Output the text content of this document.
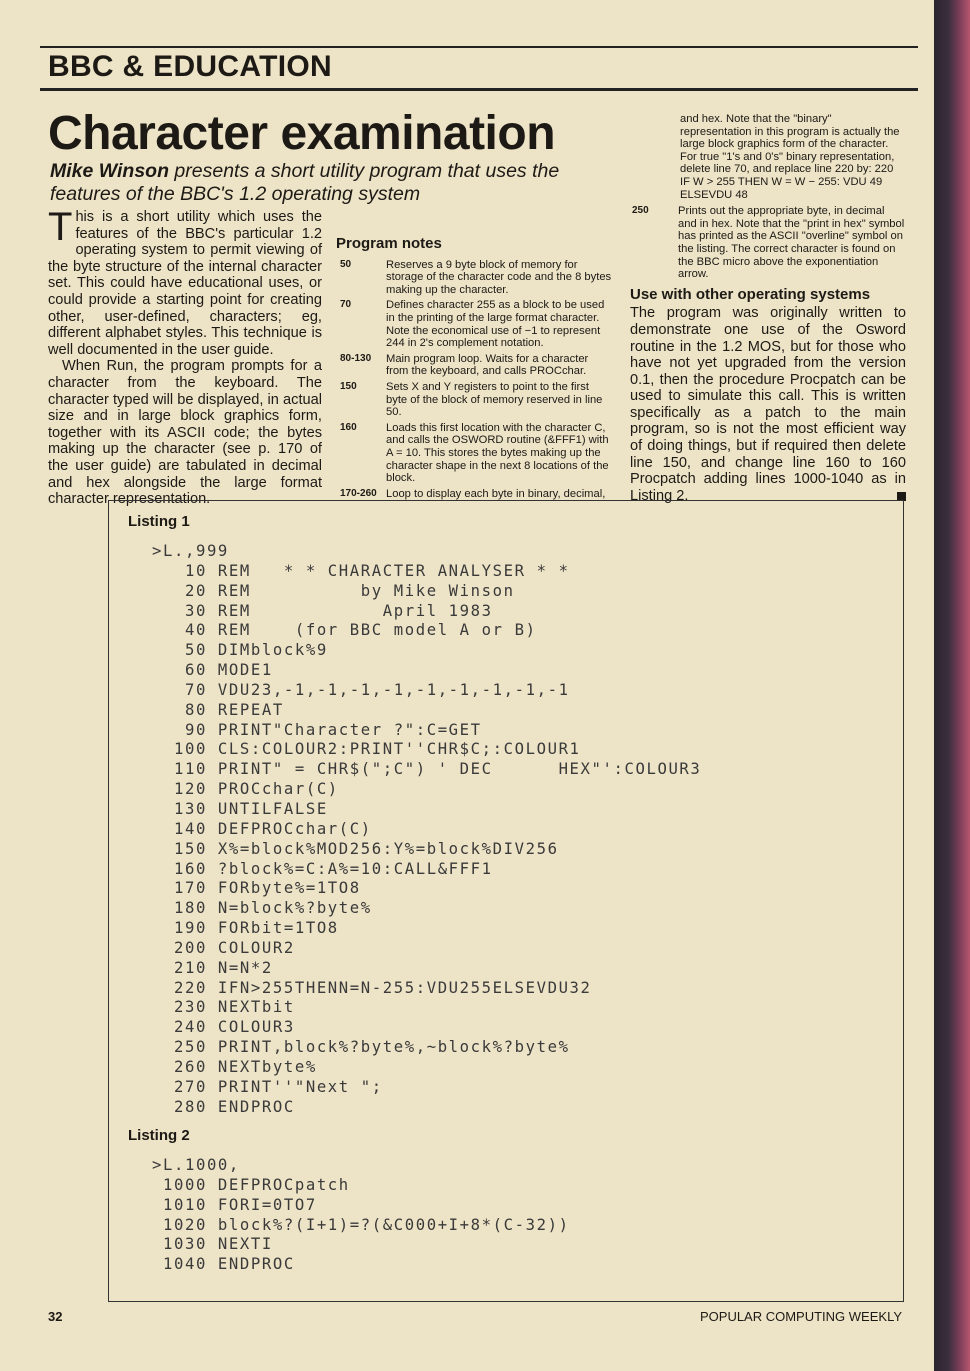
BBC & EDUCATION
Character examination
Mike Winson presents a short utility program that uses the features of the BBC's 1.2 operating system

This is a short utility which uses the features of the BBC's particular 1.2 operating system to permit viewing of the byte structure of the internal character set. This could have educational uses, or could provide a starting point for creating other, user-defined, characters; eg, different alphabet styles. This technique is well documented in the user guide.

When Run, the program prompts for a character from the keyboard. The character typed will be displayed, in actual size and in large block graphics form, together with its ASCII code; the bytes making up the character (see p. 170 of the user guide) are tabulated in decimal and hex alongside the large format character representation.

Program notes

50	Reserves a 9 byte block of memory for storage of the character code and the 8 bytes making up the character.
70	Defines character 255 as a block to be used in the printing of the large format character. Note the economical use of −1 to represent 244 in 2's complement notation.
80-130	Main program loop. Waits for a character from the keyboard, and calls PROCchar.
150	Sets X and Y registers to point to the first byte of the block of memory reserved in line 50.
160	Loads this first location with the character C, and calls the OSWORD routine (&FFF1) with A = 10. This stores the bytes making up the character shape in the next 8 locations of the block.
170-260 Loop to display each byte in binary, decimal,
and hex. Note that the "binary" representation in this program is actually the large block graphics form of the character. For true "1's and 0's" binary representation, delete line 70, and replace line 220 by: 220 IF W > 255 THEN W = W − 255: VDU 49 ELSEVDU 48
250	Prints out the appropriate byte, in decimal and in hex. Note that the "print in hex" symbol has printed as the ASCII "overline" symbol on the listing. The correct character is found on the BBC micro above the exponentiation arrow.
Use with other operating systems

The program was originally written to demonstrate one use of the Osword routine in the 1.2 MOS, but for those who have not yet upgraded from the version 0.1, then the procedure Procpatch can be used to simulate this call. This is written specifically as a patch to the main program, so is not the most efficient way of doing things, but if required then delete line 150, and change line 160 to 160 Procpatch adding lines 1000-1040 as in Listing 2.

Listing 1
>L.,999
10 REM   * * CHARACTER ANALYSER * *
20 REM          by Mike Winson
30 REM            April 1983
40 REM    (for BBC model A or B)
50 DIMblock%9
60 MODE1
70 VDU23,-1,-1,-1,-1,-1,-1,-1,-1,-1
80 REPEAT
90 PRINT"Character ?":C=GET
100 CLS:COLOUR2:PRINT''CHR$C;:COLOUR1
110 PRINT" = CHR$(";C") ' DEC      HEX"':COLOUR3
120 PROCchar(C)
130 UNTILFALSE
140 DEFPROCchar(C)
150 X%=block%MOD256:Y%=block%DIV256
160 ?block%=C:A%=10:CALL&FFF1
170 FORbyte%=1TO8
180 N=block%?byte%
190 FORbit=1TO8
200 COLOUR2
210 N=N*2
220 IFN>255THENN=N-255:VDU255ELSEVDU32
230 NEXTbit
240 COLOUR3
250 PRINT,block%?byte%,~block%?byte%
260 NEXTbyte%
270 PRINT''"Next ";
280 ENDPROC
Listing 2
>L.1000,
1000 DEFPROCpatch
1010 FORI=0TO7
1020 block%?(I+1)=?(&C000+I+8*(C-32))
1030 NEXTI
1040 ENDPROC
32	POPULAR COMPUTING WEEKLY
